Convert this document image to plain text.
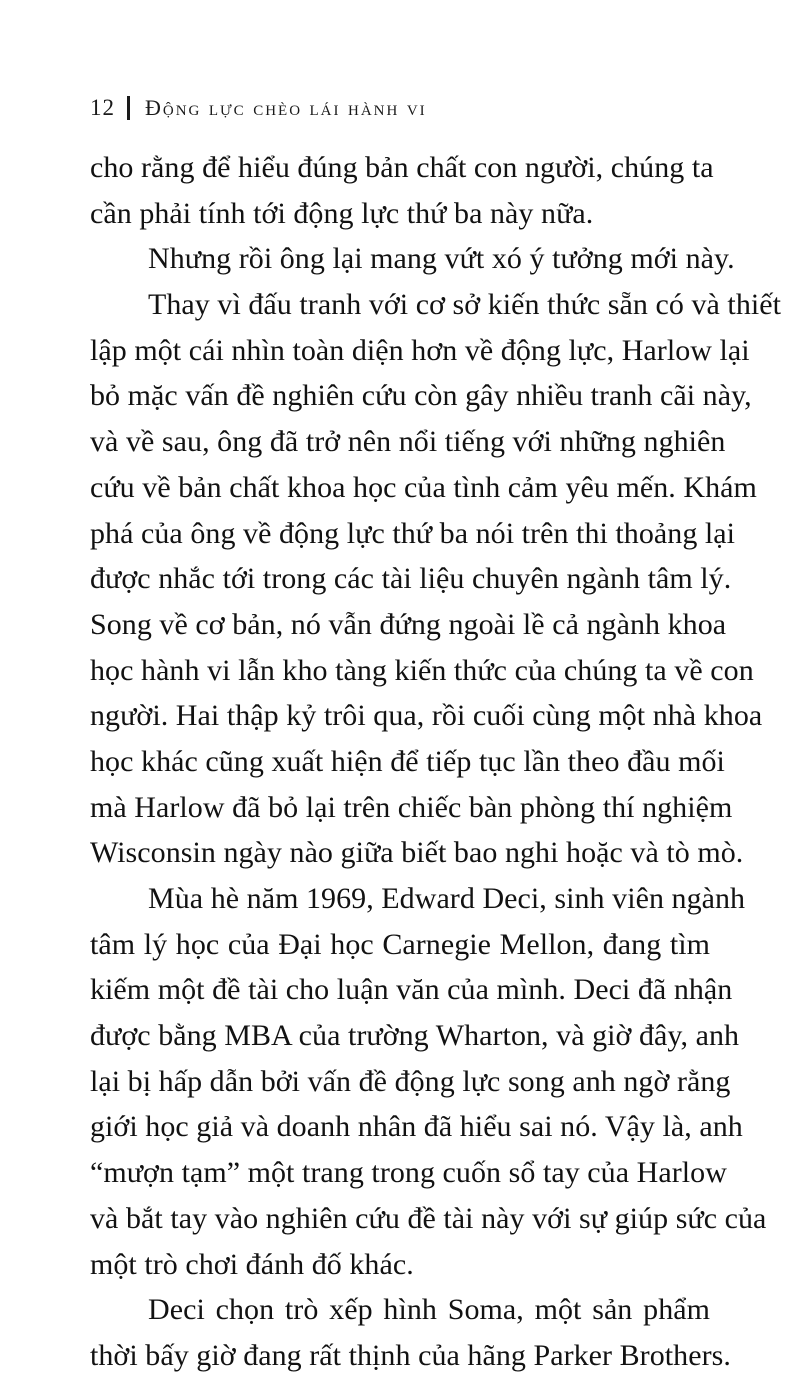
12 Động lực chèo lái hành vi
cho rằng để hiểu đúng bản chất con người, chúng ta
cần phải tính tới động lực thứ ba này nữa.
Nhưng rồi ông lại mang vứt xó ý tưởng mới này.
Thay vì đấu tranh với cơ sở kiến thức sẵn có và thiết
lập một cái nhìn toàn diện hơn về động lực, Harlow lại
bỏ mặc vấn đề nghiên cứu còn gây nhiều tranh cãi này,
và về sau, ông đã trở nên nổi tiếng với những nghiên
cứu về bản chất khoa học của tình cảm yêu mến. Khám
phá của ông về động lực thứ ba nói trên thi thoảng lại
được nhắc tới trong các tài liệu chuyên ngành tâm lý.
Song về cơ bản, nó vẫn đứng ngoài lề cả ngành khoa
học hành vi lẫn kho tàng kiến thức của chúng ta về con
người. Hai thập kỷ trôi qua, rồi cuối cùng một nhà khoa
học khác cũng xuất hiện để tiếp tục lần theo đầu mối
mà Harlow đã bỏ lại trên chiếc bàn phòng thí nghiệm
Wisconsin ngày nào giữa biết bao nghi hoặc và tò mò.
Mùa hè năm 1969, Edward Deci, sinh viên ngành
tâm lý học của Đại học Carnegie Mellon, đang tìm
kiếm một đề tài cho luận văn của mình. Deci đã nhận
được bằng MBA của trường Wharton, và giờ đây, anh
lại bị hấp dẫn bởi vấn đề động lực song anh ngờ rằng
giới học giả và doanh nhân đã hiểu sai nó. Vậy là, anh
“mượn tạm” một trang trong cuốn sổ tay của Harlow
và bắt tay vào nghiên cứu đề tài này với sự giúp sức của
một trò chơi đánh đố khác.
Deci chọn trò xếp hình Soma, một sản phẩm
thời bấy giờ đang rất thịnh của hãng Parker Brothers.
